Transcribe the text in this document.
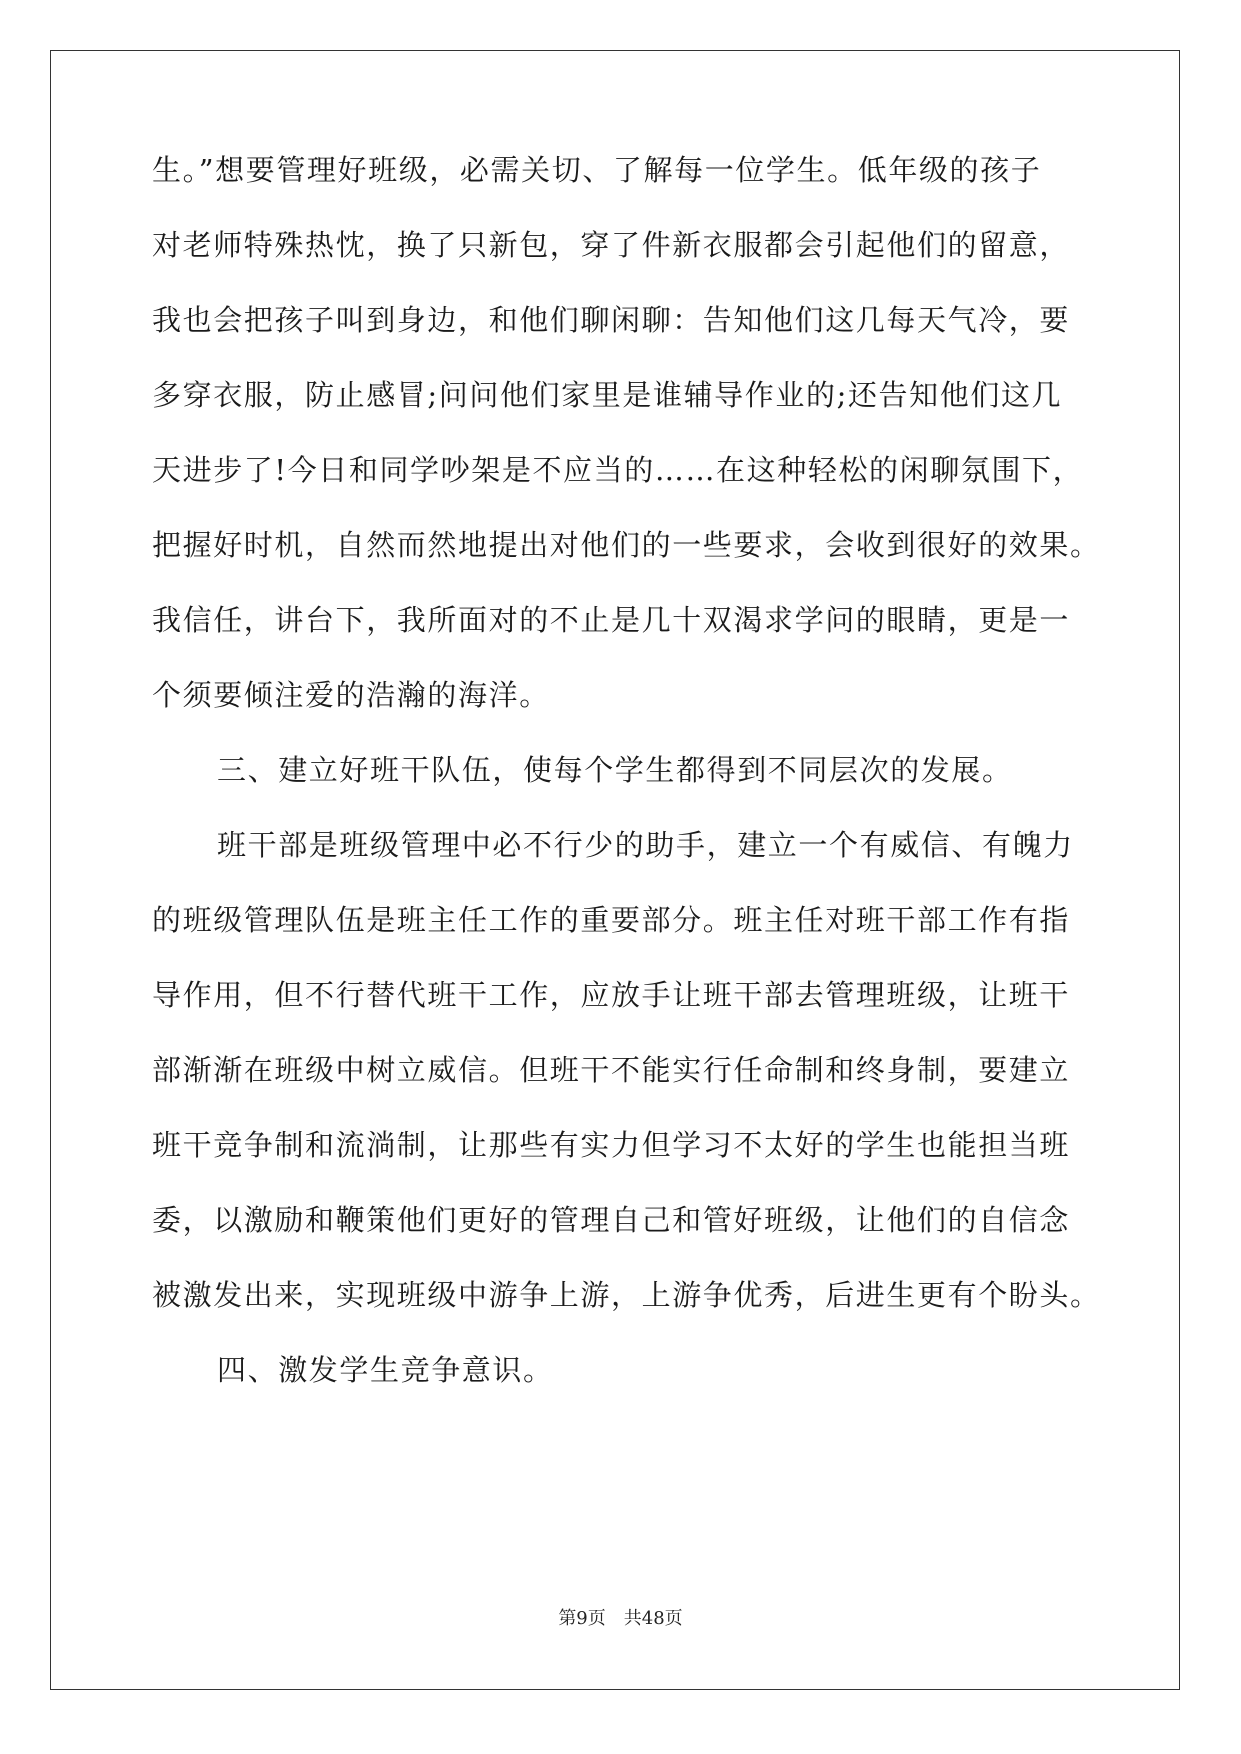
生。”想要管理好班级，必需关切、了解每一位学生。低年级的孩子
对老师特殊热忱，换了只新包，穿了件新衣服都会引起他们的留意，
我也会把孩子叫到身边，和他们聊闲聊：告知他们这几每天气冷，要
多穿衣服，防止感冒;问问他们家里是谁辅导作业的;还告知他们这几
天进步了!今日和同学吵架是不应当的……在这种轻松的闲聊氛围下，
把握好时机，自然而然地提出对他们的一些要求，会收到很好的效果。
我信任，讲台下，我所面对的不止是几十双渴求学问的眼睛，更是一
个须要倾注爱的浩瀚的海洋。
三、建立好班干队伍，使每个学生都得到不同层次的发展。
班干部是班级管理中必不行少的助手，建立一个有威信、有魄力
的班级管理队伍是班主任工作的重要部分。班主任对班干部工作有指
导作用，但不行替代班干工作，应放手让班干部去管理班级，让班干
部渐渐在班级中树立威信。但班干不能实行任命制和终身制，要建立
班干竞争制和流淌制，让那些有实力但学习不太好的学生也能担当班
委，以激励和鞭策他们更好的管理自己和管好班级，让他们的自信念
被激发出来，实现班级中游争上游，上游争优秀，后进生更有个盼头。
四、激发学生竞争意识。
第9页 共48页
